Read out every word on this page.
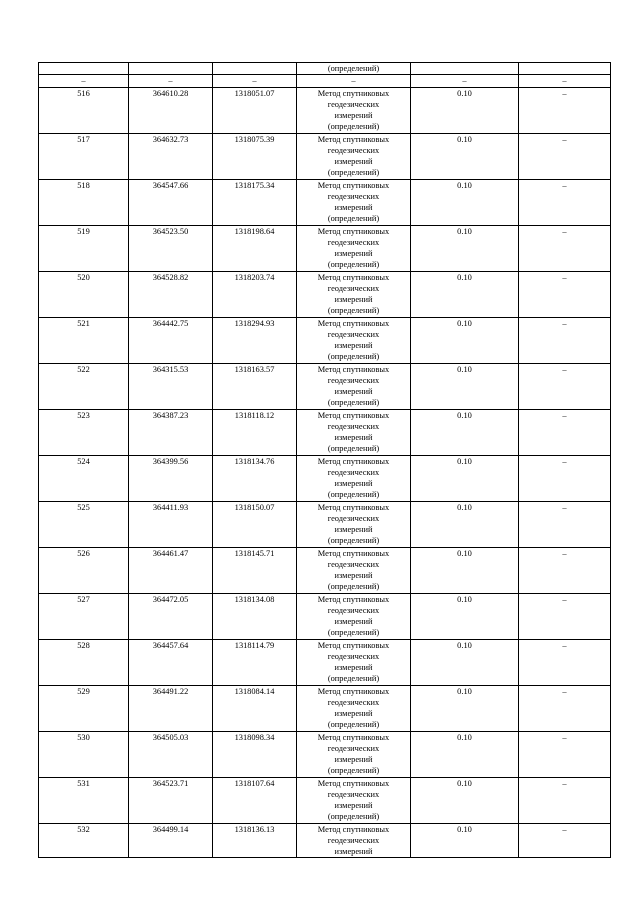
			(определений)		
–	–	–	–	–	–
516	364610.28	1318051.07	Метод спутниковых
геодезических
измерений
(определений)	0.10	–
517	364632.73	1318075.39	Метод спутниковых
геодезических
измерений
(определений)	0.10	–
518	364547.66	1318175.34	Метод спутниковых
геодезических
измерений
(определений)	0.10	–
519	364523.50	1318198.64	Метод спутниковых
геодезических
измерений
(определений)	0.10	–
520	364528.82	1318203.74	Метод спутниковых
геодезических
измерений
(определений)	0.10	–
521	364442.75	1318294.93	Метод спутниковых
геодезических
измерений
(определений)	0.10	–
522	364315.53	1318163.57	Метод спутниковых
геодезических
измерений
(определений)	0.10	–
523	364387.23	1318118.12	Метод спутниковых
геодезических
измерений
(определений)	0.10	–
524	364399.56	1318134.76	Метод спутниковых
геодезических
измерений
(определений)	0.10	–
525	364411.93	1318150.07	Метод спутниковых
геодезических
измерений
(определений)	0.10	–
526	364461.47	1318145.71	Метод спутниковых
геодезических
измерений
(определений)	0.10	–
527	364472.05	1318134.08	Метод спутниковых
геодезических
измерений
(определений)	0.10	–
528	364457.64	1318114.79	Метод спутниковых
геодезических
измерений
(определений)	0.10	–
529	364491.22	1318084.14	Метод спутниковых
геодезических
измерений
(определений)	0.10	–
530	364505.03	1318098.34	Метод спутниковых
геодезических
измерений
(определений)	0.10	–
531	364523.71	1318107.64	Метод спутниковых
геодезических
измерений
(определений)	0.10	–
532	364499.14	1318136.13	Метод спутниковых
геодезических
измерений	0.10	–
